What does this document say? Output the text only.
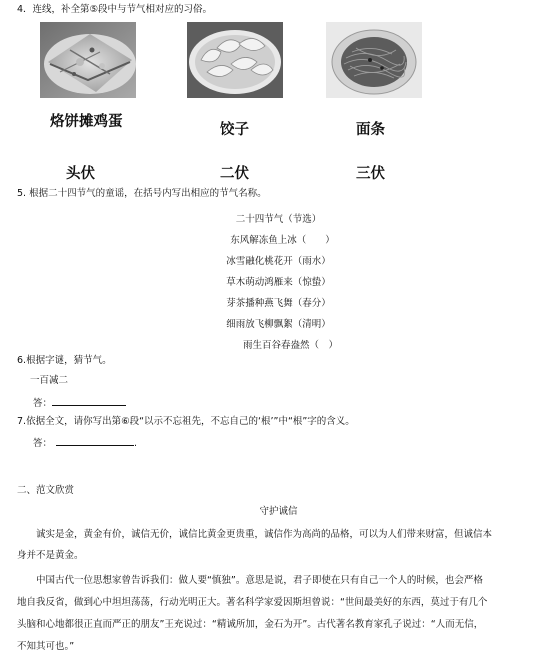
4．连线，补全第⑤段中与节气相对应的习俗。
烙饼摊鸡蛋	饺子	面条
头伏	二伏	三伏
5. 根据二十四节气的童谣，在括号内写出相应的节气名称。
二十四节气（节选）
东风解冻鱼上冰（　　）
冰雪融化桃花开（雨水）
草木萌动鸿雁来（惊蛰）
芽茶播种燕飞舞（春分）
细雨放飞柳飘絮（清明）
雨生百谷春盎然（　）
6.根据字谜，猜节气。
一百减二
答：
7.依据全文，请你写出第⑥段“以示不忘祖先，不忘自己的‘根’”中“根”字的含义。
答：	.
二、范文欣赏
守护诚信
诚实是金，黄金有价，诚信无价，诚信比黄金更贵重，诚信作为高尚的品格，可以为人们带来财富，但诚信本
身并不是黄金。
中国古代一位思想家曾告诉我们：做人要“慎独”。意思是说，君子即使在只有自己一个人的时候，也会严格
地自我反省，做到心中坦坦荡荡，行动光明正大。著名科学家爱因斯坦曾说：“世间最美好的东西，莫过于有几个
头脑和心地都很正直而严正的朋友”王充说过：“精诚所加，金石为开”。古代著名教育家孔子说过：“人而无信，
不知其可也。”
